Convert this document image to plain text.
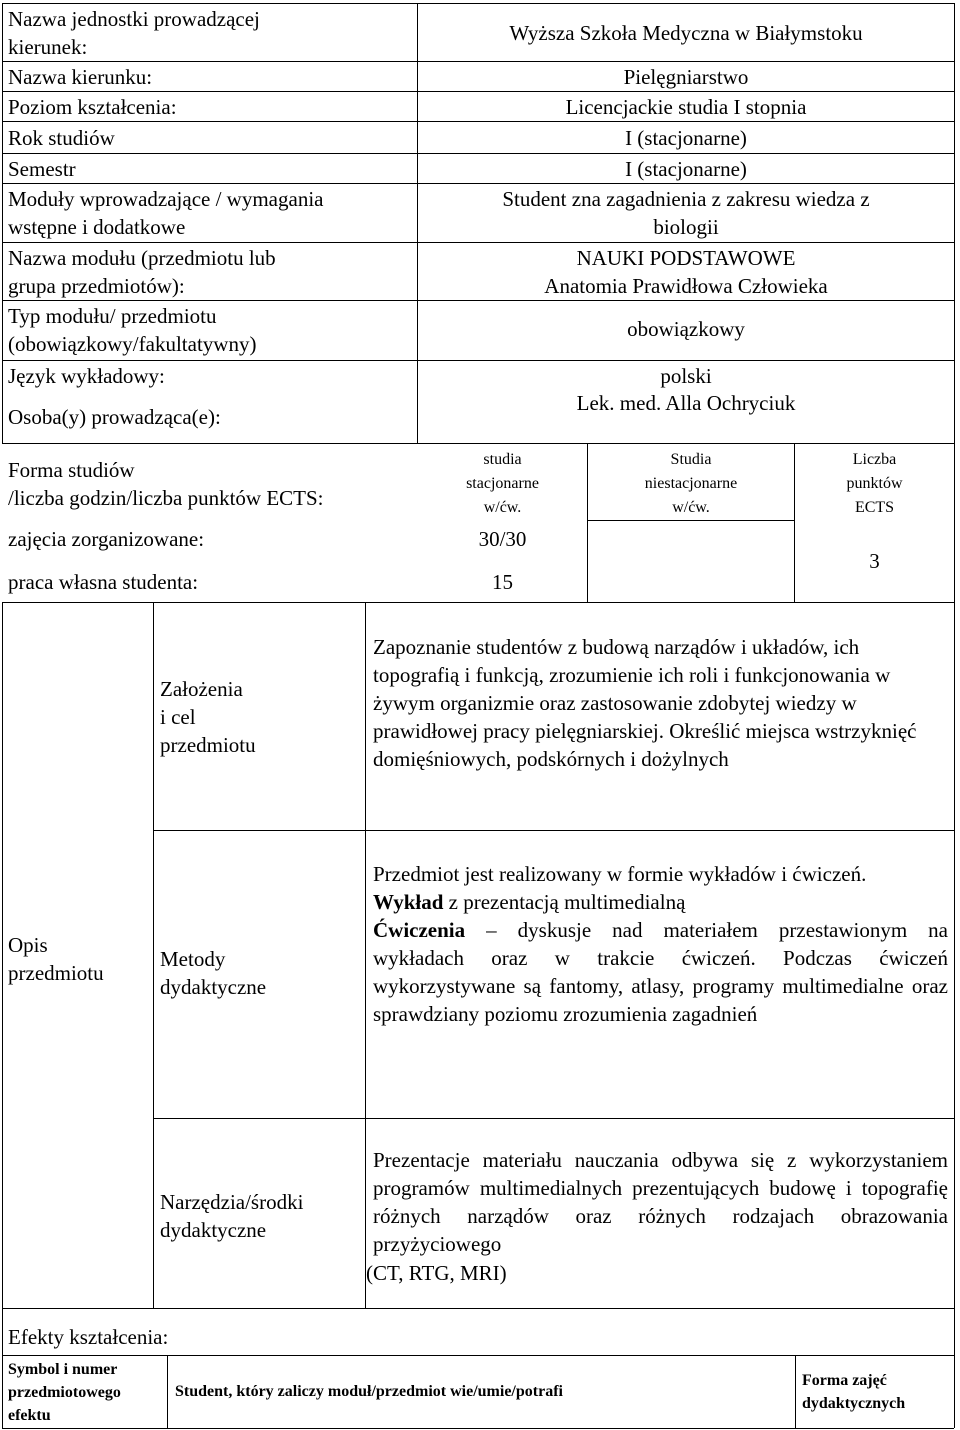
Nazwa jednostki prowadzącej
kierunek:
Nazwa kierunku:
Poziom kształcenia:
Rok studiów
Semestr
Moduły wprowadzające / wymagania
wstępne i dodatkowe
Nazwa modułu (przedmiotu lub
grupa przedmiotów):
Typ modułu/ przedmiotu
(obowiązkowy/fakultatywny)
Język wykładowy:
Osoba(y) prowadząca(e):
Wyższa Szkoła Medyczna w Białymstoku
Pielęgniarstwo
Licencjackie studia I stopnia
I (stacjonarne)
I (stacjonarne)
Student zna zagadnienia z zakresu wiedza z
biologii
NAUKI PODSTAWOWE
Anatomia Prawidłowa Człowieka
obowiązkowy
polski
Lek. med. Alla Ochryciuk
Forma studiów
/liczba godzin/liczba punktów ECTS:
studia
stacjonarne
w/ćw.
Studia
niestacjonarne
w/ćw.
Liczba
punktów
ECTS
zajęcia zorganizowane:	30/30
praca własna studenta:	15
3
Opis
przedmiotu
Założenia
i cel
przedmiotu
Zapoznanie studentów z budową narządów i układów, ich topografią i funkcją, zrozumienie ich roli i funkcjonowania w żywym organizmie oraz zastosowanie zdobytej wiedzy w prawidłowej pracy pielęgniarskiej. Określić miejsca wstrzyknięć domięśniowych, podskórnych i dożylnych
Metody
dydaktyczne
Przedmiot jest realizowany w formie wykładów i ćwiczeń.
Wykład z prezentacją multimedialną
Ćwiczenia – dyskusje nad materiałem przestawionym na wykładach oraz w trakcie ćwiczeń. Podczas ćwiczeń wykorzystywane są fantomy, atlasy, programy multimedialne oraz sprawdziany poziomu zrozumienia zagadnień
Narzędzia/środki
dydaktyczne
Prezentacje materiału nauczania odbywa się z wykorzystaniem programów multimedialnych prezentujących budowę i topografię różnych narządów oraz różnych rodzajach obrazowania przyżyciowego
(CT, RTG, MRI)
Efekty kształcenia:
Symbol i numer
przedmiotowego
efektu
Student, który zaliczy moduł/przedmiot wie/umie/potrafi
Forma zajęć
dydaktycznych
